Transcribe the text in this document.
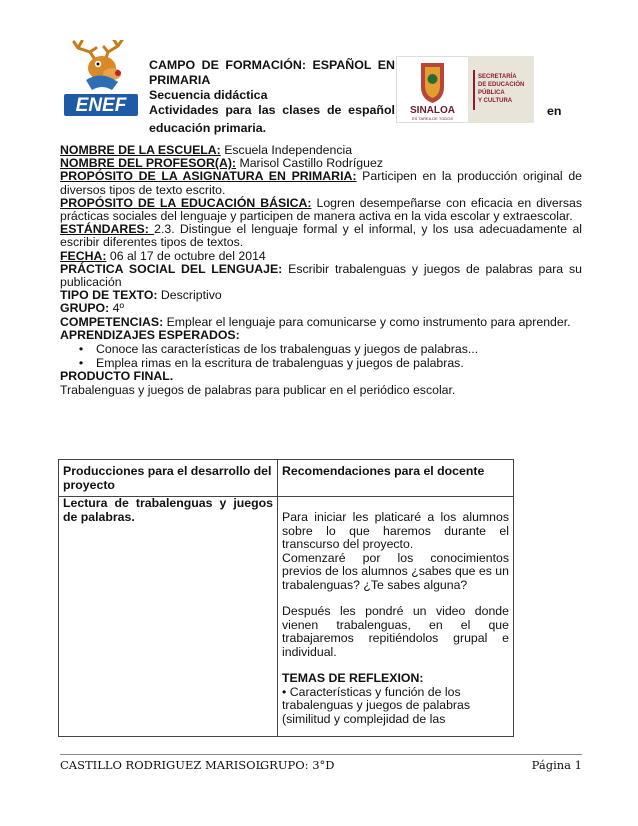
ENEF
CAMPO DE FORMACIÓN: ESPAÑOL EN
PRIMARIA
Secuencia didáctica
Actividades para las clases de español	en
educación primaria.
SINALOA
ES TAREA DE TODOS
SECRETARÍA
DE EDUCACIÓN
PÚBLICA
Y CULTURA

NOMBRE DE LA ESCUELA: Escuela Independencia

NOMBRE DEL PROFESOR(A): Marisol Castillo Rodríguez

PROPÓSITO DE LA ASIGNATURA EN PRIMARIA: Participen en la producción original de diversos tipos de texto escrito.

PROPÓSITO DE LA EDUCACIÓN BÁSICA: Logren desempeñarse con eficacia en diversas prácticas sociales del lenguaje y participen de manera activa en la vida escolar y extraescolar.

ESTÁNDARES: 2.3. Distingue el lenguaje formal y el informal, y los usa adecuadamente al escribir diferentes tipos de textos.

FECHA: 06 al 17 de octubre del 2014

PRÁCTICA SOCIAL DEL LENGUAJE: Escribir trabalenguas y juegos de palabras para su publicación

TIPO DE TEXTO: Descriptivo

GRUPO: 4º

COMPETENCIAS: Emplear el lenguaje para comunicarse y como instrumento para aprender.

APRENDIZAJES ESPERADOS:

•	Conoce las características de los trabalenguas y juegos de palabras...
•	Emplea rimas en la escritura de trabalenguas y juegos de palabras.

PRODUCTO FINAL.

Trabalenguas y juegos de palabras para publicar en el periódico escolar.

Producciones para el desarrollo del proyecto	Recomendaciones para el docente

Lectura de trabalenguas y juegos de palabras.	Para iniciar les platicaré a los alumnos sobre lo que haremos durante el transcurso del proyecto.

Comenzaré por los conocimientos previos de los alumnos ¿sabes que es un trabalenguas? ¿Te sabes alguna?

Después les pondré un video donde vienen trabalenguas, en el que trabajaremos repitiéndolos grupal e individual.

TEMAS DE REFLEXION:

• Características y función de los trabalenguas y juegos de palabras (similitud y complejidad de las

CASTILLO RODRIGUEZ MARISOL
GRUPO: 3°D	Página 1
